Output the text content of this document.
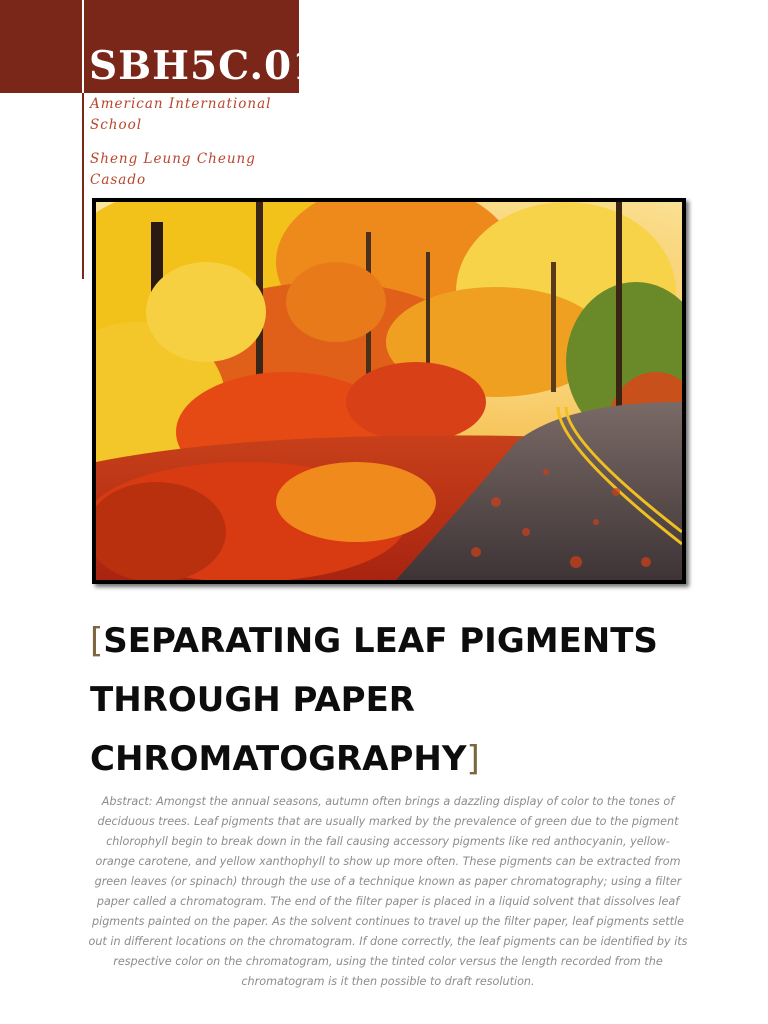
SBH5C.01

American International School

Sheng Leung Cheung Casado

[SEPARATING LEAF PIGMENTS THROUGH PAPER CHROMATOGRAPHY]

Abstract: Amongst the annual seasons, autumn often brings a dazzling display of color to the tones of deciduous trees. Leaf pigments that are usually marked by the prevalence of green due to the pigment chlorophyll begin to break down in the fall causing accessory pigments like red anthocyanin, yellow-orange carotene, and yellow xanthophyll to show up more often. These pigments can be extracted from green leaves (or spinach) through the use of a technique known as paper chromatography; using a filter paper called a chromatogram. The end of the filter paper is placed in a liquid solvent that dissolves leaf pigments painted on the paper. As the solvent continues to travel up the filter paper, leaf pigments settle out in different locations on the chromatogram. If done correctly, the leaf pigments can be identified by its respective color on the chromatogram, using the tinted color versus the length recorded from the chromatogram is it then possible to draft resolution.
